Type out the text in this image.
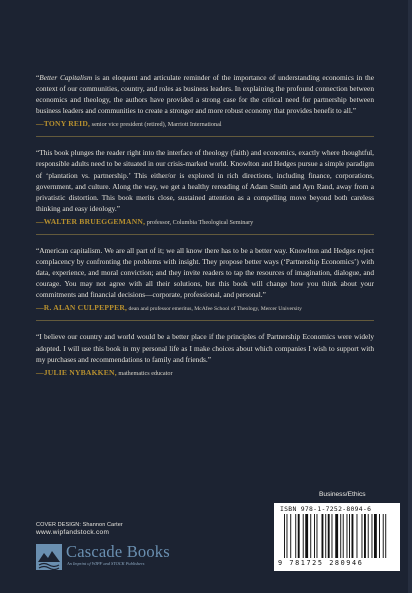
“Better Capitalism is an eloquent and articulate reminder of the importance of understanding economics in the context of our communities, country, and roles as business leaders. In explaining the profound connection between economics and theology, the authors have provided a strong case for the critical need for partnership between business leaders and communities to create a stronger and more robust economy that provides benefit to all.”

—TONY REID, senior vice president (retired), Marriott International

“This book plunges the reader right into the interface of theology (faith) and economics, exactly where thoughtful, responsible adults need to be situated in our crisis-marked world. Knowlton and Hedges pursue a simple paradigm of ‘plantation vs. partnership.’ This either/or is explored in rich directions, including finance, corporations, government, and culture. Along the way, we get a healthy rereading of Adam Smith and Ayn Rand, away from a privatistic distortion. This book merits close, sustained attention as a compelling move beyond both careless thinking and easy ideology.”

—WALTER BRUEGGEMANN, professor, Columbia Theological Seminary

“American capitalism. We are all part of it; we all know there has to be a better way. Knowlton and Hedges reject complacency by confronting the problems with insight. They propose better ways (‘Partnership Economics’) with data, experience, and moral conviction; and they invite readers to tap the resources of imagination, dialogue, and courage. You may not agree with all their solutions, but this book will change how you think about your commitments and financial decisions—corporate, professional, and personal.”

—R. ALAN CULPEPPER, dean and professor emeritus, McAfee School of Theology, Mercer University

“I believe our country and world would be a better place if the principles of Partnership Economics were widely adopted. I will use this book in my personal life as I make choices about which companies I wish to support with my purchases and recommendations to family and friends.”

—JULIE NYBAKKEN, mathematics educator

Business/Ethics
ISBN 978-1-7252-8094-6
9 781725 280946

COVER DESIGN: Shannon Carter

www.wipfandstock.com

Cascade Books
An Imprint of WIPF and STOCK Publishers
